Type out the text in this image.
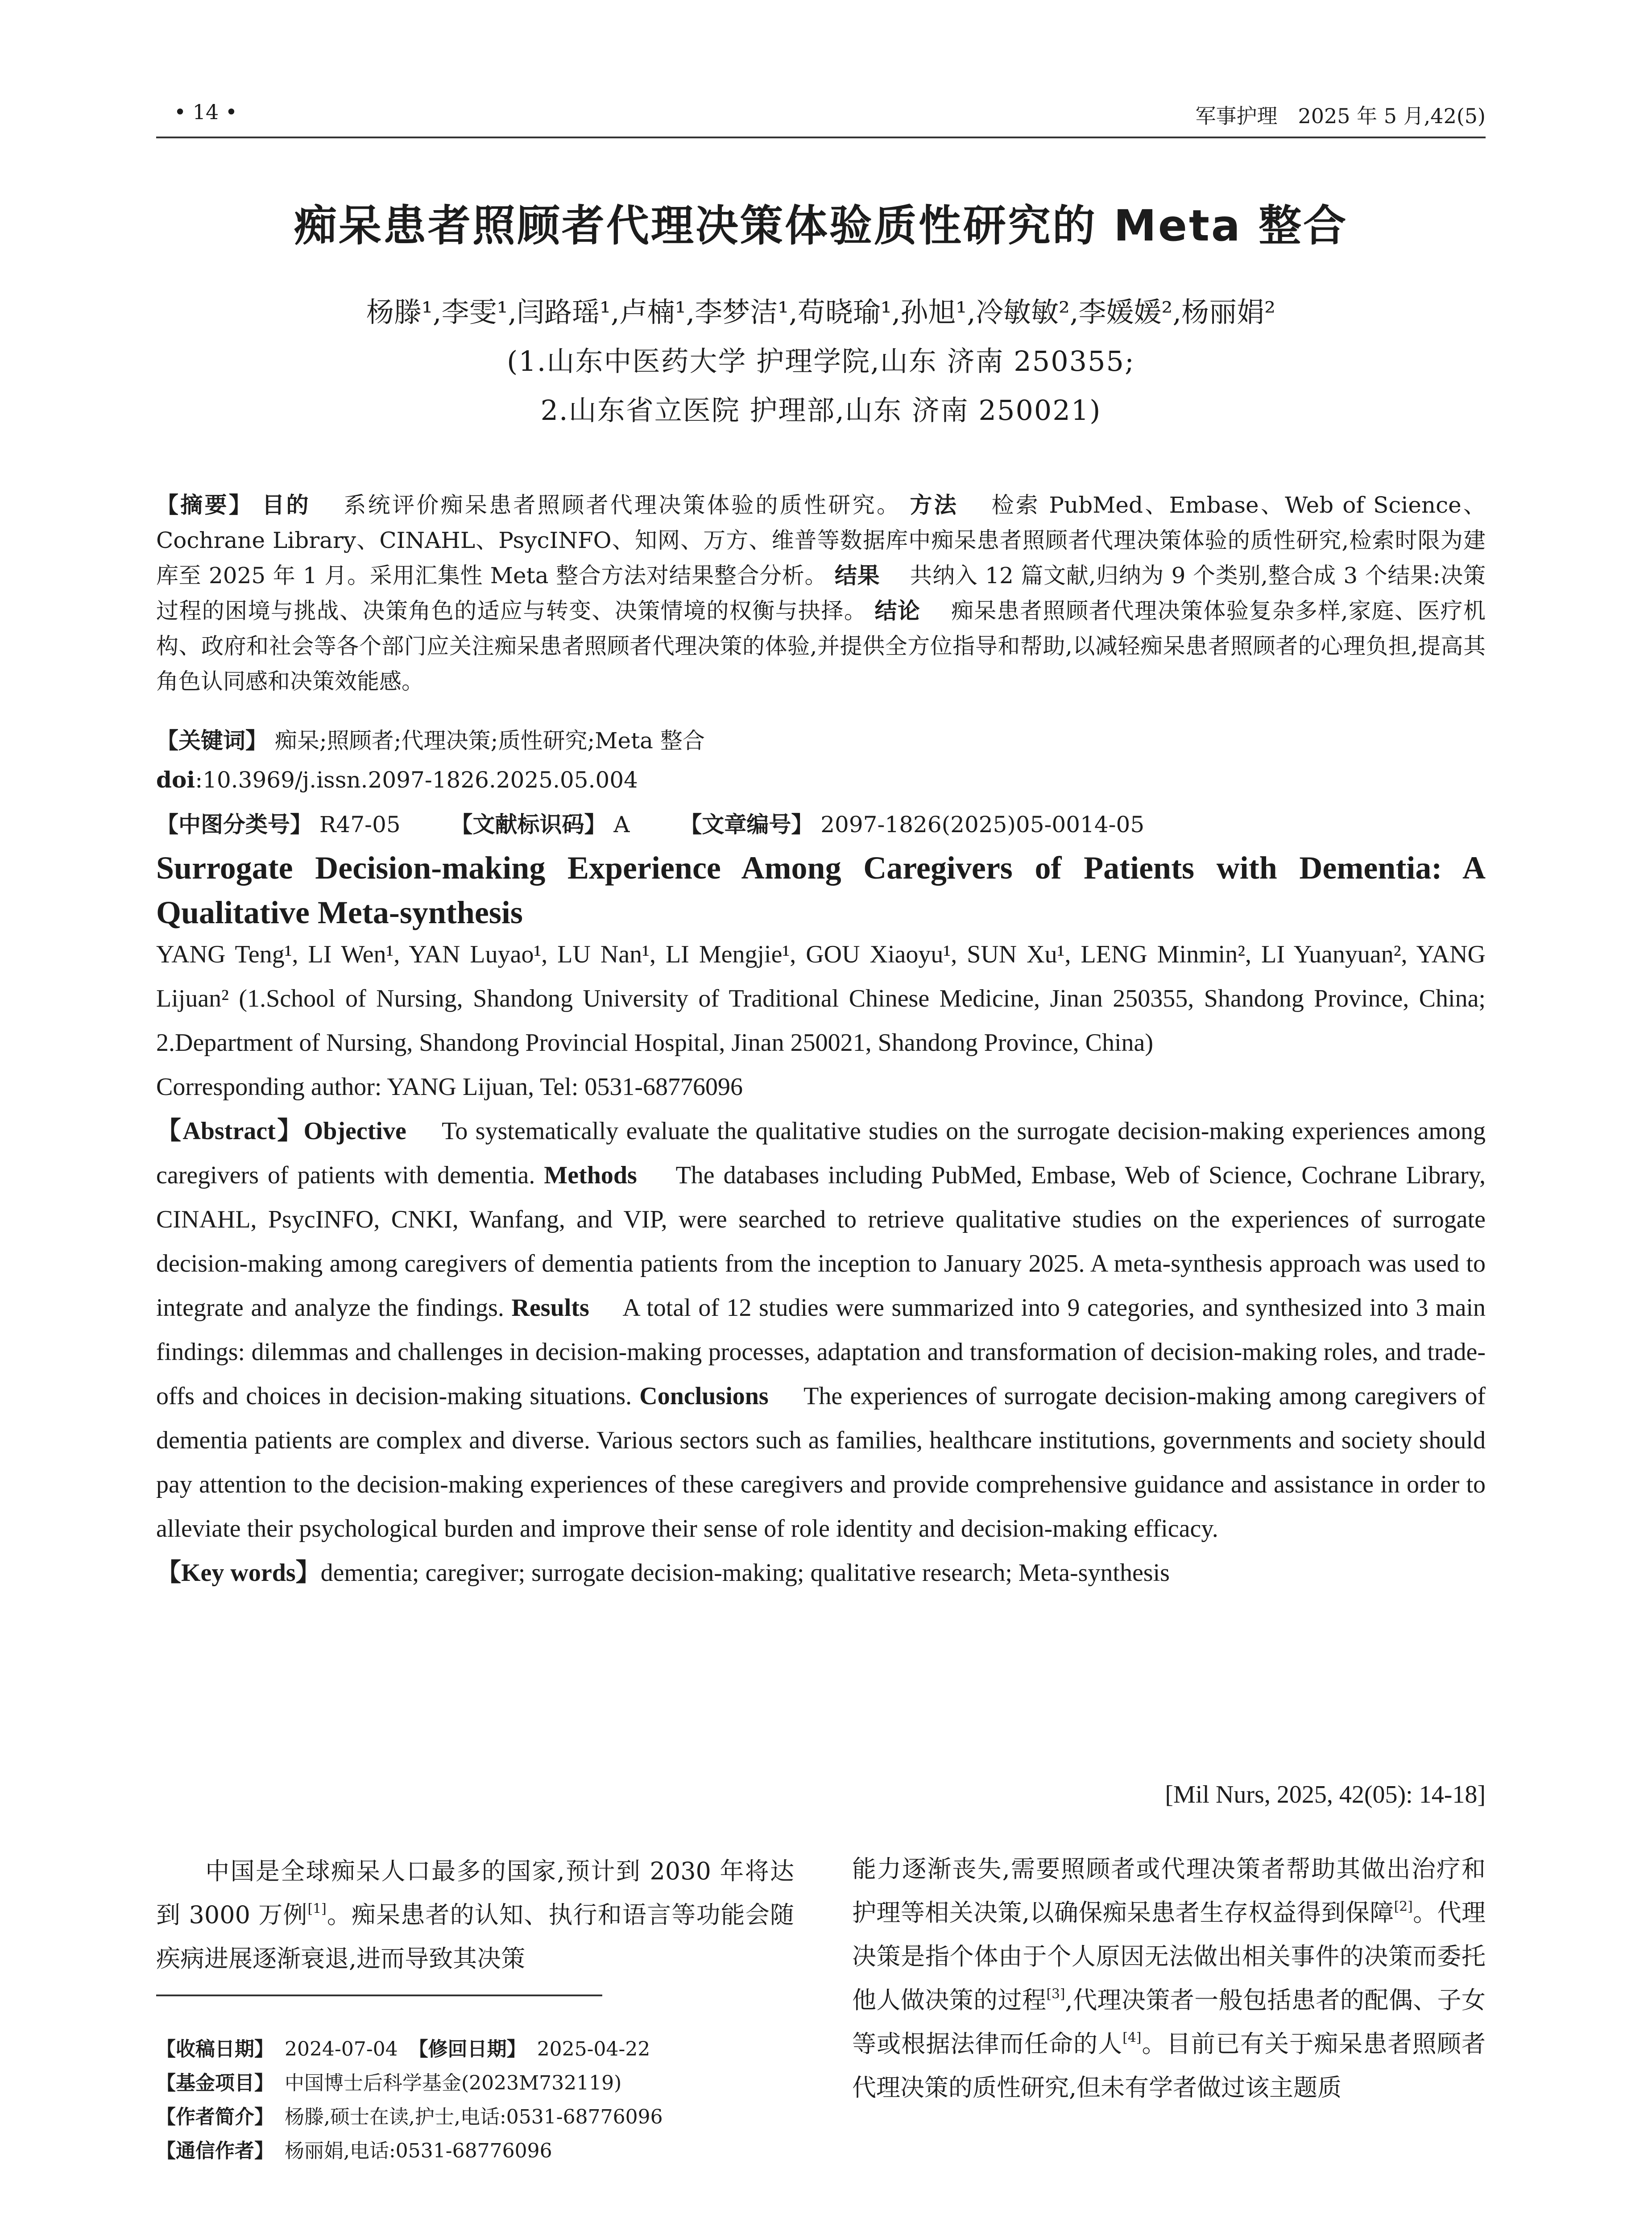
• 14 •	军事护理　2025 年 5 月,42(5)
痴呆患者照顾者代理决策体验质性研究的 Meta 整合
杨滕¹,李雯¹,闫路瑶¹,卢楠¹,李梦洁¹,苟晓瑜¹,孙旭¹,冷敏敏²,李媛媛²,杨丽娟²
(1.山东中医药大学 护理学院,山东 济南 250355;
2.山东省立医院 护理部,山东 济南 250021)
【摘要】 目的　 系统评价痴呆患者照顾者代理决策体验的质性研究。 方法　 检索 PubMed、Embase、Web of Science、Cochrane Library、CINAHL、PsycINFO、知网、万方、维普等数据库中痴呆患者照顾者代理决策体验的质性研究,检索时限为建库至 2025 年 1 月。采用汇集性 Meta 整合方法对结果整合分析。 结果　 共纳入 12 篇文献,归纳为 9 个类别,整合成 3 个结果:决策过程的困境与挑战、决策角色的适应与转变、决策情境的权衡与抉择。 结论　 痴呆患者照顾者代理决策体验复杂多样,家庭、医疗机构、政府和社会等各个部门应关注痴呆患者照顾者代理决策的体验,并提供全方位指导和帮助,以减轻痴呆患者照顾者的心理负担,提高其角色认同感和决策效能感。
【关键词】 痴呆;照顾者;代理决策;质性研究;Meta 整合
doi:10.3969/j.issn.2097-1826.2025.05.004
【中图分类号】 R47-05 【文献标识码】 A 【文章编号】 2097-1826(2025)05-0014-05
Surrogate Decision-making Experience Among Caregivers of Patients with Dementia: A Qualitative Meta-synthesis
YANG Teng¹, LI Wen¹, YAN Luyao¹, LU Nan¹, LI Mengjie¹, GOU Xiaoyu¹, SUN Xu¹, LENG Minmin², LI Yuanyuan², YANG Lijuan² (1.School of Nursing, Shandong University of Traditional Chinese Medicine, Jinan 250355, Shandong Province, China; 2.Department of Nursing, Shandong Provincial Hospital, Jinan 250021, Shandong Province, China)
Corresponding author: YANG Lijuan, Tel: 0531-68776096
【Abstract】Objective　 To systematically evaluate the qualitative studies on the surrogate decision-making experiences among caregivers of patients with dementia. Methods　 The databases including PubMed, Embase, Web of Science, Cochrane Library, CINAHL, PsycINFO, CNKI, Wanfang, and VIP, were searched to retrieve qualitative studies on the experiences of surrogate decision-making among caregivers of dementia patients from the inception to January 2025. A meta-synthesis approach was used to integrate and analyze the findings. Results　 A total of 12 studies were summarized into 9 categories, and synthesized into 3 main findings: dilemmas and challenges in decision-making processes, adaptation and transformation of decision-making roles, and trade-offs and choices in decision-making situations. Conclusions　 The experiences of surrogate decision-making among caregivers of dementia patients are complex and diverse. Various sectors such as families, healthcare institutions, governments and society should pay attention to the decision-making experiences of these caregivers and provide comprehensive guidance and assistance in order to alleviate their psychological burden and improve their sense of role identity and decision-making efficacy.
【Key words】dementia; caregiver; surrogate decision-making; qualitative research; Meta-synthesis
[Mil Nurs, 2025, 42(05): 14-18]
中国是全球痴呆人口最多的国家,预计到 2030 年将达到 3000 万例[1]。痴呆患者的认知、执行和语言等功能会随疾病进展逐渐衰退,进而导致其决策
【收稿日期】 2024-07-04 【修回日期】 2025-04-22
【基金项目】 中国博士后科学基金(2023M732119)
【作者简介】 杨滕,硕士在读,护士,电话:0531-68776096
【通信作者】 杨丽娟,电话:0531-68776096
能力逐渐丧失,需要照顾者或代理决策者帮助其做出治疗和护理等相关决策,以确保痴呆患者生存权益得到保障[2]。代理决策是指个体由于个人原因无法做出相关事件的决策而委托他人做决策的过程[3],代理决策者一般包括患者的配偶、子女等或根据法律而任命的人[4]。目前已有关于痴呆患者照顾者代理决策的质性研究,但未有学者做过该主题质
